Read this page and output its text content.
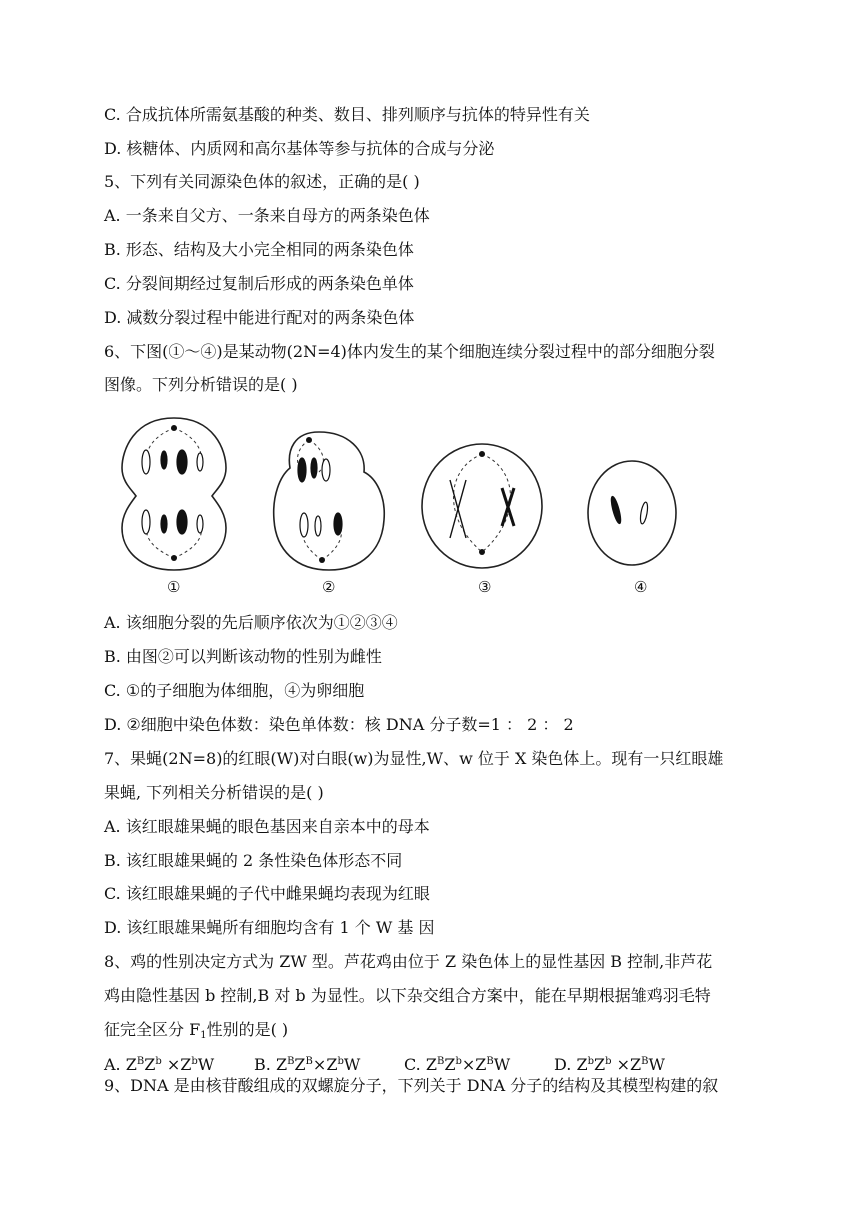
C. 合成抗体所需氨基酸的种类、数目、排列顺序与抗体的特异性有关
D. 核糖体、内质网和高尔基体等参与抗体的合成与分泌
5、下列有关同源染色体的叙述，正确的是( )
A. 一条来自父方、一条来自母方的两条染色体
B. 形态、结构及大小完全相同的两条染色体
C. 分裂间期经过复制后形成的两条染色单体
D. 减数分裂过程中能进行配对的两条染色体
6、下图(①～④)是某动物(2N=4)体内发生的某个细胞连续分裂过程中的部分细胞分裂
图像。下列分析错误的是( )
①	②	③	④
A. 该细胞分裂的先后顺序依次为①②③④
B. 由图②可以判断该动物的性别为雌性
C. ①的子细胞为体细胞，④为卵细胞
D. ②细胞中染色体数：染色单体数：核 DNA 分子数=1 ： 2 ： 2
7、果蝇(2N=8)的红眼(W)对白眼(w)为显性,W、w 位于 X 染色体上。现有一只红眼雄
果蝇, 下列相关分析错误的是( )
A. 该红眼雄果蝇的眼色基因来自亲本中的母本
B. 该红眼雄果蝇的 2 条性染色体形态不同
C. 该红眼雄果蝇的子代中雌果蝇均表现为红眼
D. 该红眼雄果蝇所有细胞均含有 1 个 W 基 因
8、鸡的性别决定方式为 ZW 型。芦花鸡由位于 Z 染色体上的显性基因 B 控制,非芦花
鸡由隐性基因 b 控制,B 对 b 为显性。以下杂交组合方案中，能在早期根据雏鸡羽毛特
征完全区分 $F_1$性别的是( )
A. $Z^BZ^b \times Z^bW$ B. $Z^BZ^B\times Z^bW$	C. $Z^BZ^b\times Z^BW$	D. $Z^bZ^b \times Z^BW$
9、DNA 是由核苷酸组成的双螺旋分子，下列关于 DNA 分子的结构及其模型构建的叙
